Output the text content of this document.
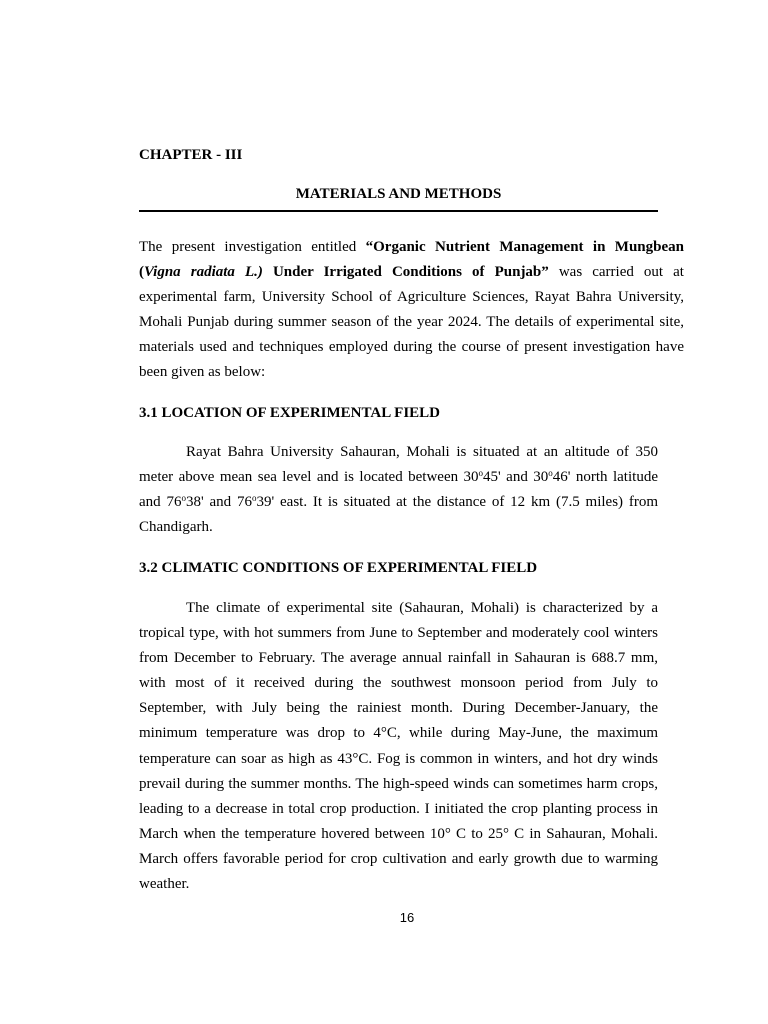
CHAPTER - III
MATERIALS AND METHODS

The present investigation entitled “Organic Nutrient Management in Mungbean (Vigna radiata L.) Under Irrigated Conditions of Punjab” was carried out at experimental farm, University School of Agriculture Sciences, Rayat Bahra University, Mohali Punjab during summer season of the year 2024. The details of experimental site, materials used and techniques employed during the course of present investigation have been given as below:

3.1 LOCATION OF EXPERIMENTAL FIELD

Rayat Bahra University Sahauran, Mohali is situated at an altitude of 350 meter above mean sea level and is located between 30$^o$45' and 30$^o$46' north latitude and 76$^o$38' and 76$^o$39' east. It is situated at the distance of 12 km (7.5 miles) from Chandigarh.

3.2 CLIMATIC CONDITIONS OF EXPERIMENTAL FIELD

The climate of experimental site (Sahauran, Mohali) is characterized by a tropical type, with hot summers from June to September and moderately cool winters from December to February. The average annual rainfall in Sahauran is 688.7 mm, with most of it received during the southwest monsoon period from July to September, with July being the rainiest month. During December-January, the minimum temperature was drop to 4°C, while during May-June, the maximum temperature can soar as high as 43°C. Fog is common in winters, and hot dry winds prevail during the summer months. The high-speed winds can sometimes harm crops, leading to a decrease in total crop production. I initiated the crop planting process in March when the temperature hovered between 10° C to 25° C in Sahauran, Mohali. March offers favorable period for crop cultivation and early growth due to warming weather.

16
